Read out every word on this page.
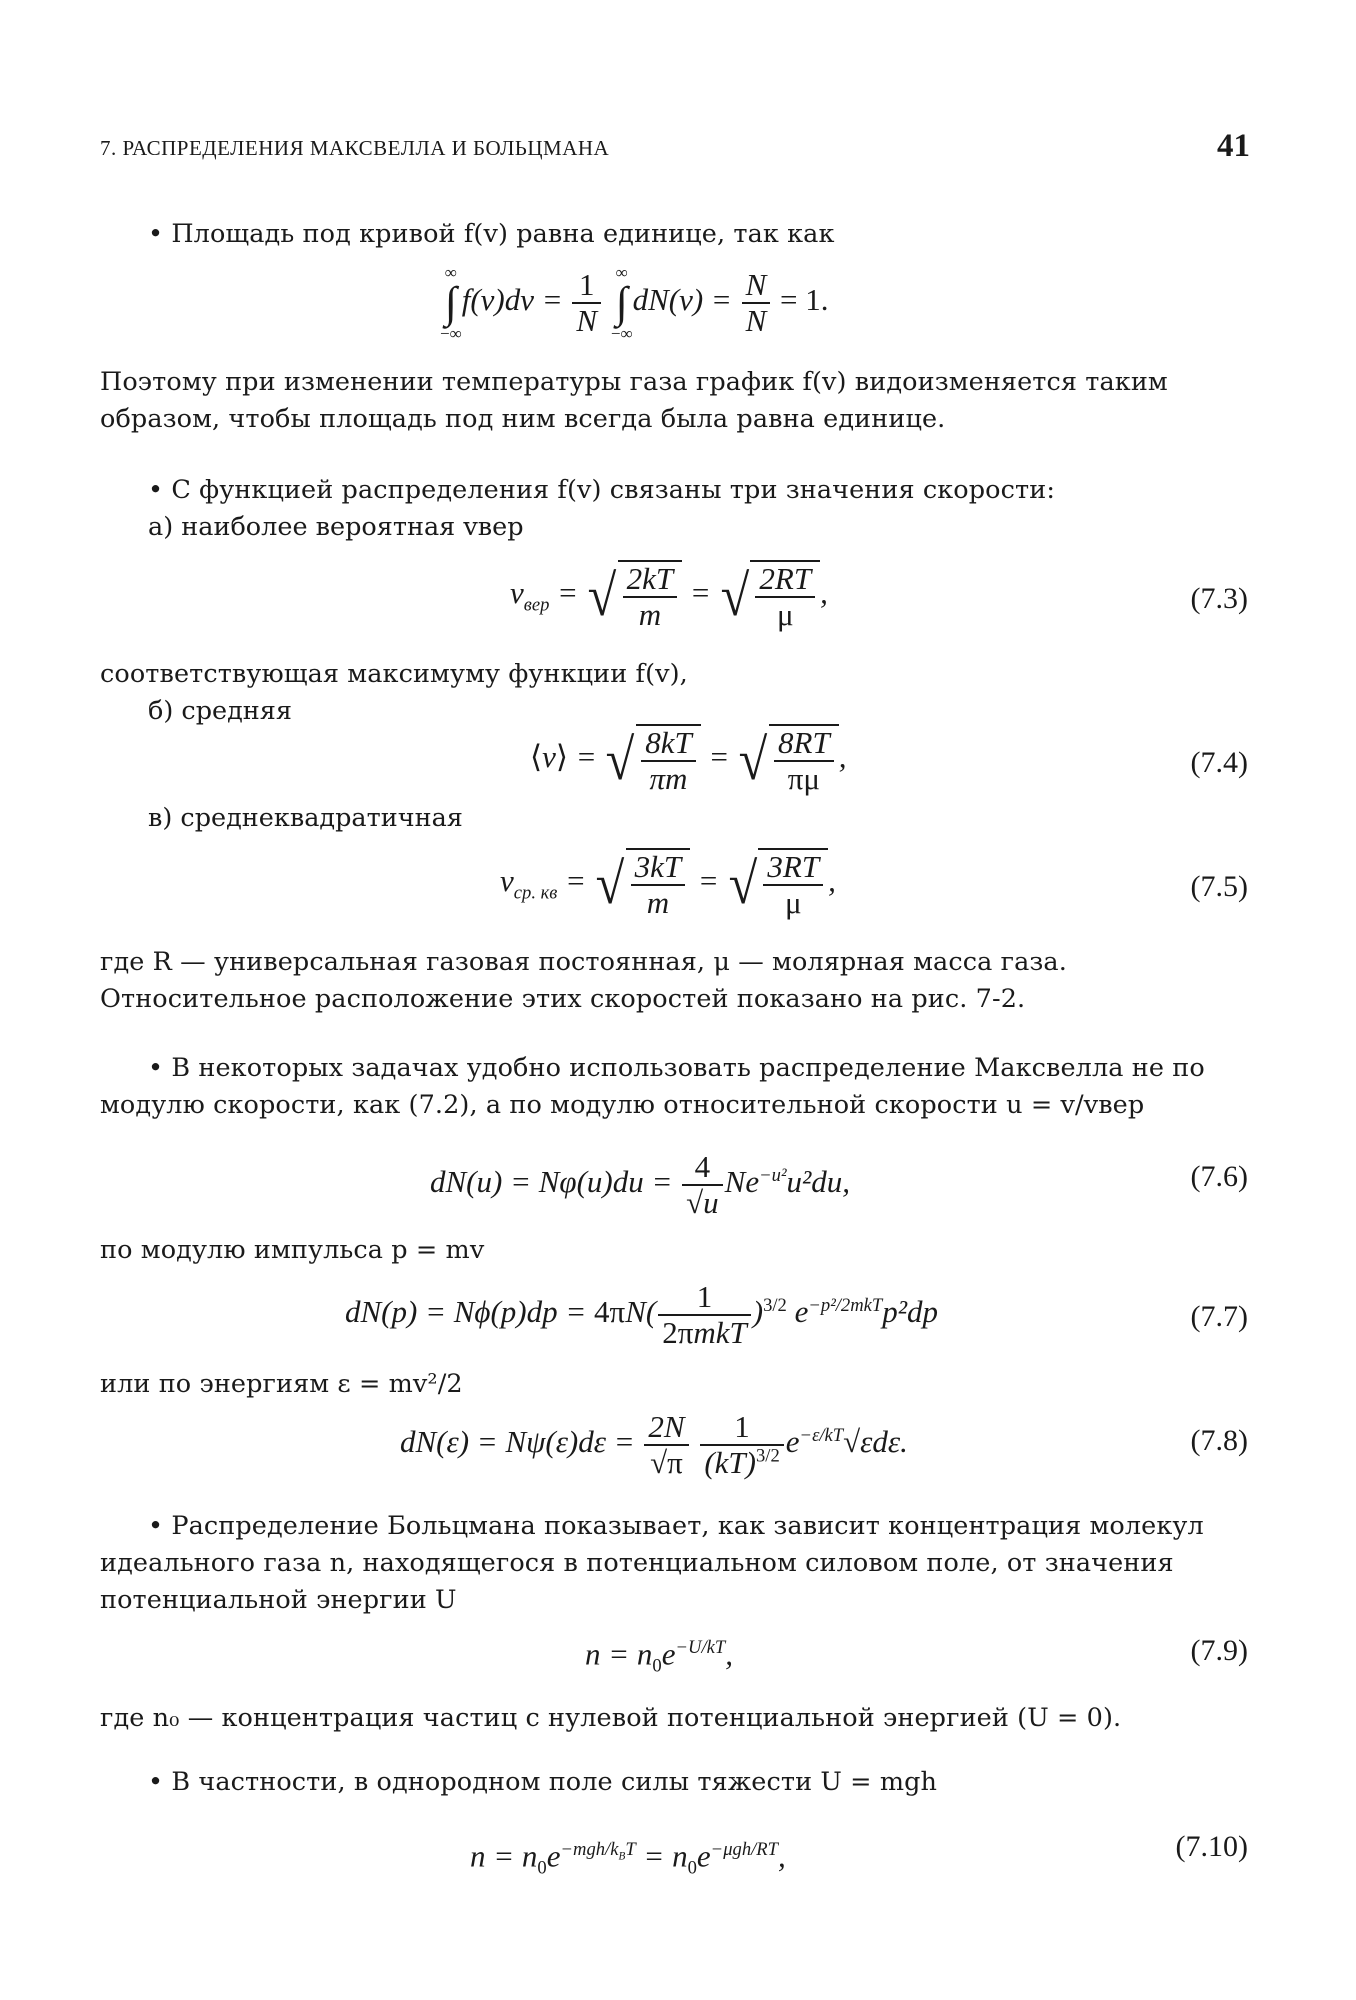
7. РАСПРЕДЕЛЕНИЯ МАКСВЕЛЛА И БОЛЬЦМАНА	41
• Площадь под кривой f(v) равна единице, так как
∞
∫
−∞
$f(v)dv = \frac{1}{N}$
∞
∫
−∞
$dN(v) = \frac{N}{N} = 1$.
Поэтому при изменении температуры газа график f(v) видоизменяется таким образом, чтобы площадь под ним всегда была равна единице.
• С функцией распределения f(v) связаны три значения скорости:
а) наиболее вероятная vвер
$v_{вер}$ = √ $\frac{2kT}{m}$ = √ $\frac{2RT}{\mu}$ ,	(7.3)
соответствующая максимуму функции f(v),
б) средняя
⟨v⟩ = √ $\frac{8kT}{\pi m}$ = √ $\frac{8RT}{\pi\mu}$ ,	(7.4)
в) среднеквадратичная
$v_{ср. кв}$ = √ $\frac{3kT}{m}$ = √ $\frac{3RT}{\mu}$ ,	(7.5)
где R — универсальная газовая постоянная, μ — молярная масса газа. Относительное расположение этих скоростей показано на рис. 7-2.
• В некоторых задачах удобно использовать распределение Максвелла не по модулю скорости, как (7.2), а по модулю относительной скорости u = v/vвер
$dN(u) = N\varphi(u)du = \frac{4}{√u} Ne^{-u^2}u^2du$,	(7.6)
по модулю импульса p = mv
$dN(p) = N\phi(p)dp = 4\pi N( \frac{1}{\text{2πmkT}} )^{3/2}$ $e^{-p^2/2mkT}p^2dp$	(7.7)
или по энергиям ε = mv²/2
$dN(\varepsilon) = N\psi(\varepsilon)d\varepsilon = \frac{2N}{√\pi}$
$\frac{1}{(kT)^{3/2}} e^{-\varepsilon/kT}√\varepsilon d\varepsilon$.	(7.8)
• Распределение Больцмана показывает, как зависит концентрация молекул идеального газа n, находящегося в потенциальном силовом поле, от значения потенциальной энергии U
$n = n_0e^{-U/kT}$,	(7.9)
где n₀ — концентрация частиц с нулевой потенциальной энергией (U = 0).
• В частности, в однородном поле силы тяжести U = mgh
$n = n_0e^{-mgh/k_BT} = n_0e^{-\mu gh/RT}$,	(7.10)
